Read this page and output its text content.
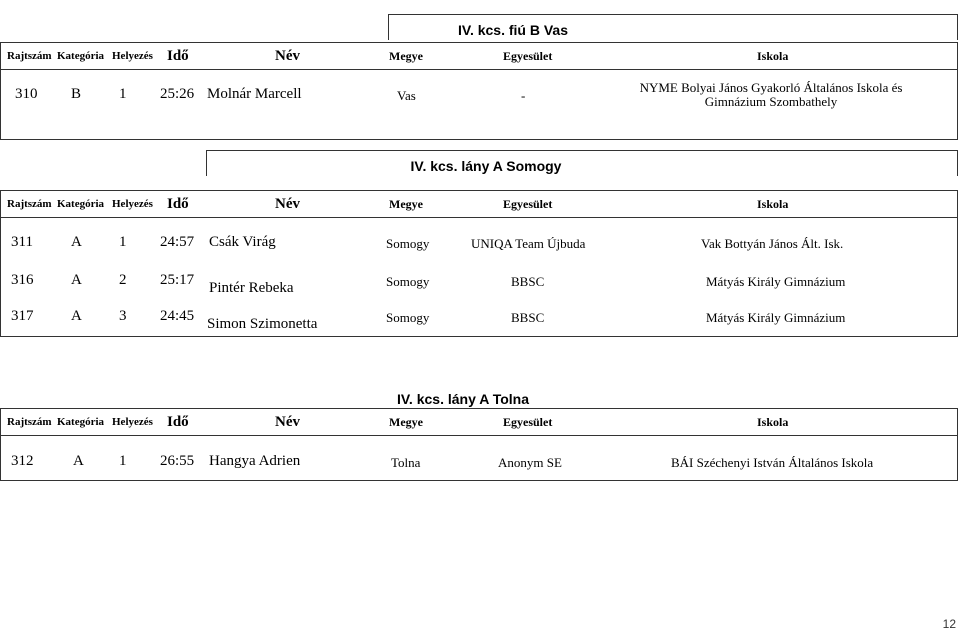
IV. kcs. fiú B Vas
Rajtszám Kategória Helyezés Idő	Név	Megye	Egyesület	Iskola
310 B	1 25:26 Molnár Marcell	Vas	-
NYME Bolyai János Gyakorló Általános Iskola és
Gimnázium Szombathely
IV. kcs. lány A Somogy
Rajtszám Kategória Helyezés Idő	Név	Megye	Egyesület	Iskola
311	A 1 24:57 Csák Virág	Somogy	UNIQA Team Újbuda	Vak Bottyán János Ált. Isk.
316	A 2 25:17 Pintér Rebeka	Somogy	BBSC	Mátyás Király Gimnázium
317	A 3 24:45 Simon Szimonetta	Somogy	BBSC	Mátyás Király Gimnázium
IV. kcs. lány A Tolna
Rajtszám Kategória Helyezés Idő	Név	Megye	Egyesület	Iskola
312	A 1 26:55 Hangya Adrien	Tolna	Anonym SE	BÁI Széchenyi István Általános Iskola
12
